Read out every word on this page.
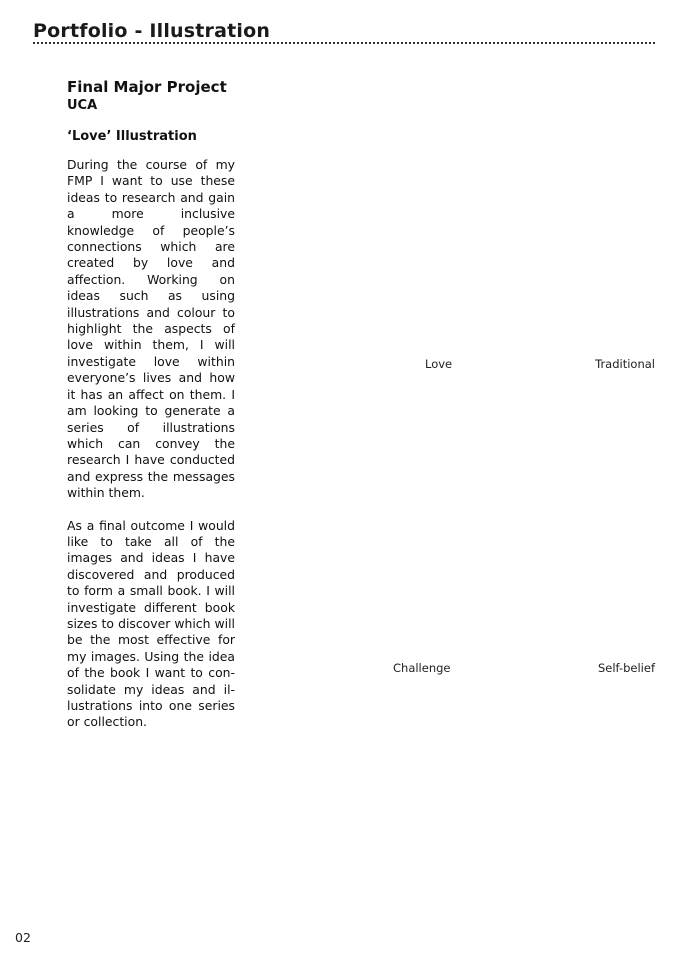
Portfolio - Illustration
Final Major Project
UCA
‘Love’ Illustration

During the course of my FMP I want to use these ideas to research and gain a more inclusive knowledge of people’s connections which are created by love and affection. Working on ideas such as using illustrations and colour to highlight the aspects of love within them, I will investigate love within everyone’s lives and how it has an affect on them. I am looking to generate a series of illustrations which can convey the research I have conducted and express the messages within them.

As a final outcome I would like to take all of the images and ideas I have discovered and produced to form a small book. I will investigate different book sizes to discover which will be the most effective for my images. Using the idea of the book I want to consolidate my ideas and illustrations into one series or collection.

Love	Traditional
Challenge	Self-belief
02
